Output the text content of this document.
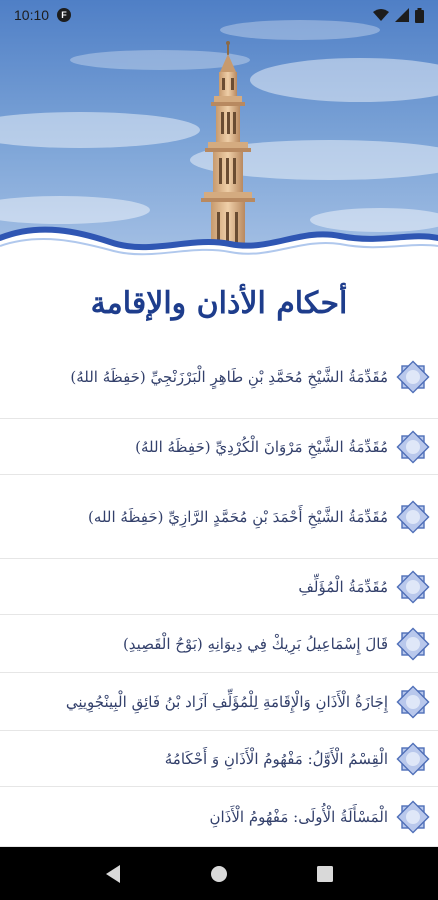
10:10	F
أحكام الأذان والإقامة
مُقَدِّمَةُ الشَّيْخِ مُحَمَّدِ بْنِ طَاهِرٍ الْبَرْزَنْجِيِّ (حَفِظَهُ اللهُ)
مُقَدِّمَةُ الشَّيْخِ مَرْوَانَ الْكُرْدِيِّ (حَفِظَهُ اللهُ)
مُقَدِّمَةُ الشَّيْخِ أَحْمَدَ بْنِ مُحَمَّدٍ الرَّازِيِّ (حَفِظَهُ الله)
مُقَدِّمَةُ الْمُؤَلِّفِ
قَالَ إِسْمَاعِيلُ بَرِيكْ فِي دِيوَانِهِ (بَوْحُ الْقَصِيدِ)
إِجَازَةُ الْأَذَانِ وَالْإِقَامَةِ لِلْمُؤَلِّفِ آزَاد بْنُ فَائِقِ الْبِينْجُوِينِي
الْقِسْمُ الْأَوَّلُ: مَفْهُومُ الْأَذَانِ وَ أَحْكَامُهُ
الْمَسْأَلَةُ الْأُولَى: مَفْهُومُ الْأَذَانِ
